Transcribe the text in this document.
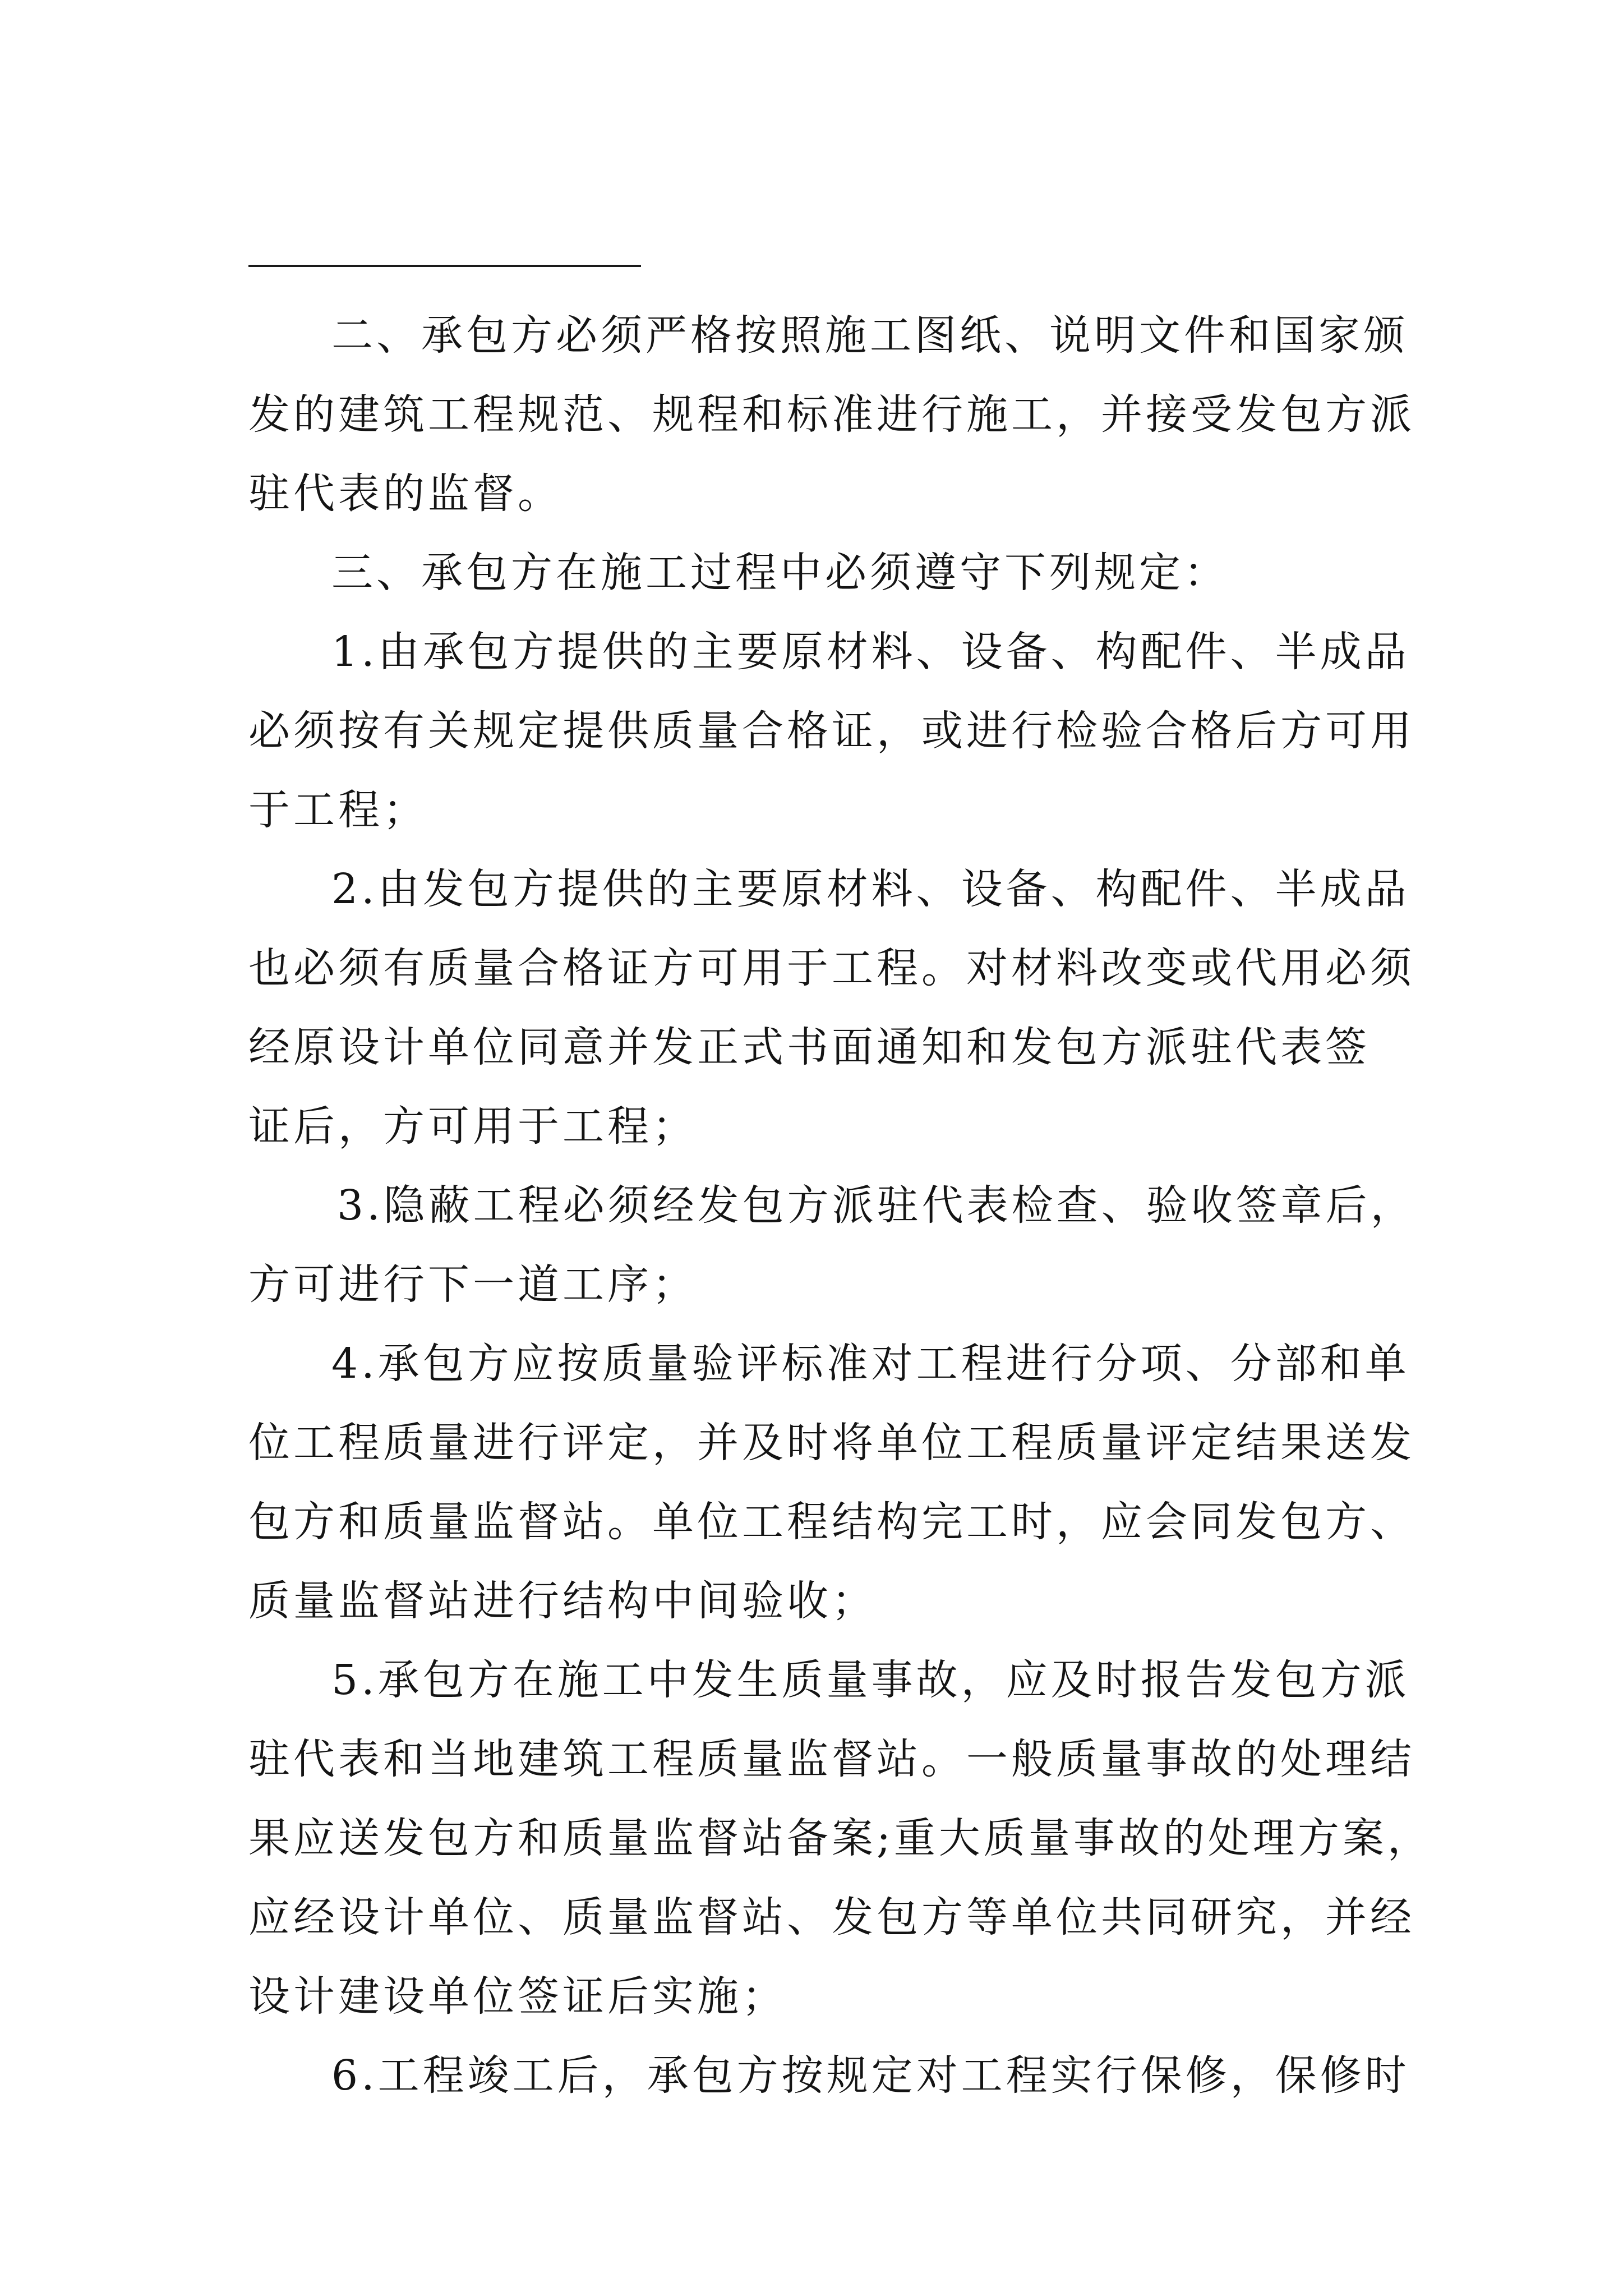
二、承包方必须严格按照施工图纸、说明文件和国家颁
发的建筑工程规范、规程和标准进行施工，并接受发包方派
驻代表的监督。
三、承包方在施工过程中必须遵守下列规定：
1.由承包方提供的主要原材料、设备、构配件、半成品
必须按有关规定提供质量合格证，或进行检验合格后方可用
于工程；
2.由发包方提供的主要原材料、设备、构配件、半成品
也必须有质量合格证方可用于工程。对材料改变或代用必须
经原设计单位同意并发正式书面通知和发包方派驻代表签
证后，方可用于工程；
3.隐蔽工程必须经发包方派驻代表检查、验收签章后，
方可进行下一道工序；
4.承包方应按质量验评标准对工程进行分项、分部和单
位工程质量进行评定，并及时将单位工程质量评定结果送发
包方和质量监督站。单位工程结构完工时，应会同发包方、
质量监督站进行结构中间验收；
5.承包方在施工中发生质量事故，应及时报告发包方派
驻代表和当地建筑工程质量监督站。一般质量事故的处理结
果应送发包方和质量监督站备案;重大质量事故的处理方案，
应经设计单位、质量监督站、发包方等单位共同研究，并经
设计建设单位签证后实施；
6.工程竣工后，承包方按规定对工程实行保修，保修时
